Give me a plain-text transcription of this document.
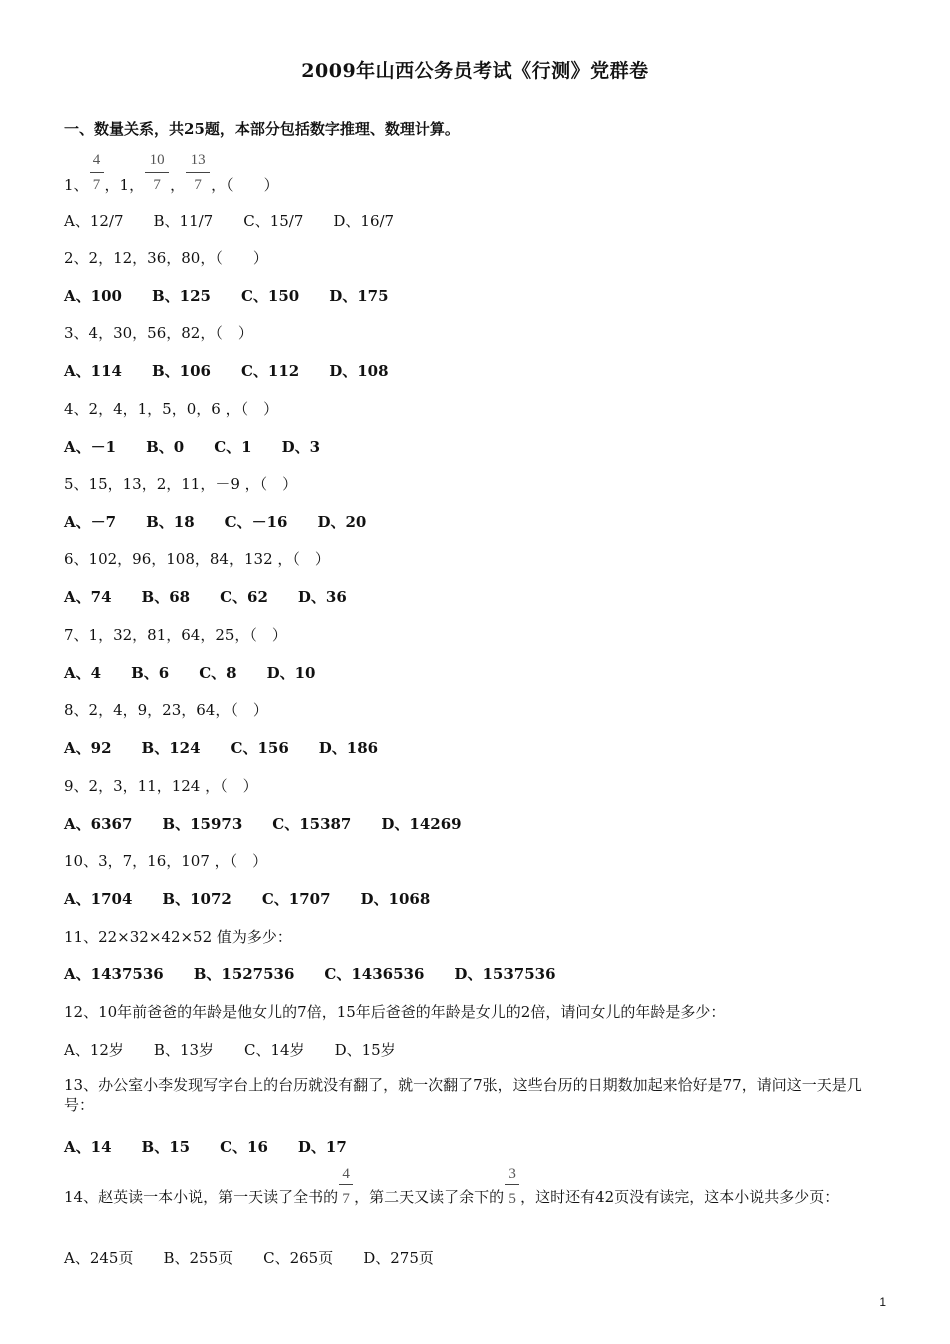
2009年山西公务员考试《行测》党群卷
一、数量关系，共25题，本部分包括数字推理、数理计算。
1、 $\frac{4}{7}$ ，1， $\frac{10}{7}$ ， $\frac{13}{7}$ ，（　　）
A、12/7　　B、11/7　　C、15/7　　D、16/7
2、2，12，36，80，（　　）
A、100　　B、125　　C、150　　D、175
3、4，30，56，82，（　）
A、114　　B、106　　C、112　　D、108
4、2，4，1，5，0，6 ，（　）
A、－1　　B、0　　C、1　　D、3
5、15，13，2，11，－9 ，（　）
A、－7　　B、18　　C、－16　　D、20
6、102，96，108，84，132 ，（　）
A、74　　B、68　　C、62　　D、36
7、1，32，81，64，25，（　）
A、4　　B、6　　C、8　　D、10
8、2，4，9，23，64，（　）
A、92　　B、124　　C、156　　D、186
9、2，3，11，124 ，（　）
A、6367　　B、15973　　C、15387　　D、14269
10、3，7，16，107 ，（　）
A、1704　　B、1072　　C、1707　　D、1068
11、22×32×42×52 值为多少：
A、1437536　　B、1527536　　C、1436536　　D、1537536
12、10年前爸爸的年龄是他女儿的7倍，15年后爸爸的年龄是女儿的2倍，请问女儿的年龄是多少：
A、12岁　　B、13岁　　C、14岁　　D、15岁
13、办公室小李发现写字台上的台历就没有翻了，就一次翻了7张，这些台历的日期数加起来恰好是77，请问这一天是几号：
A、14　　B、15　　C、16　　D、17
14、赵英读一本小说，第一天读了全书的 $\frac{4}{7}$ ，第二天又读了余下的 $\frac{3}{5}$ ，这时还有42页没有读完，这本小说共多少页：
A、245页　　B、255页　　C、265页　　D、275页
1
